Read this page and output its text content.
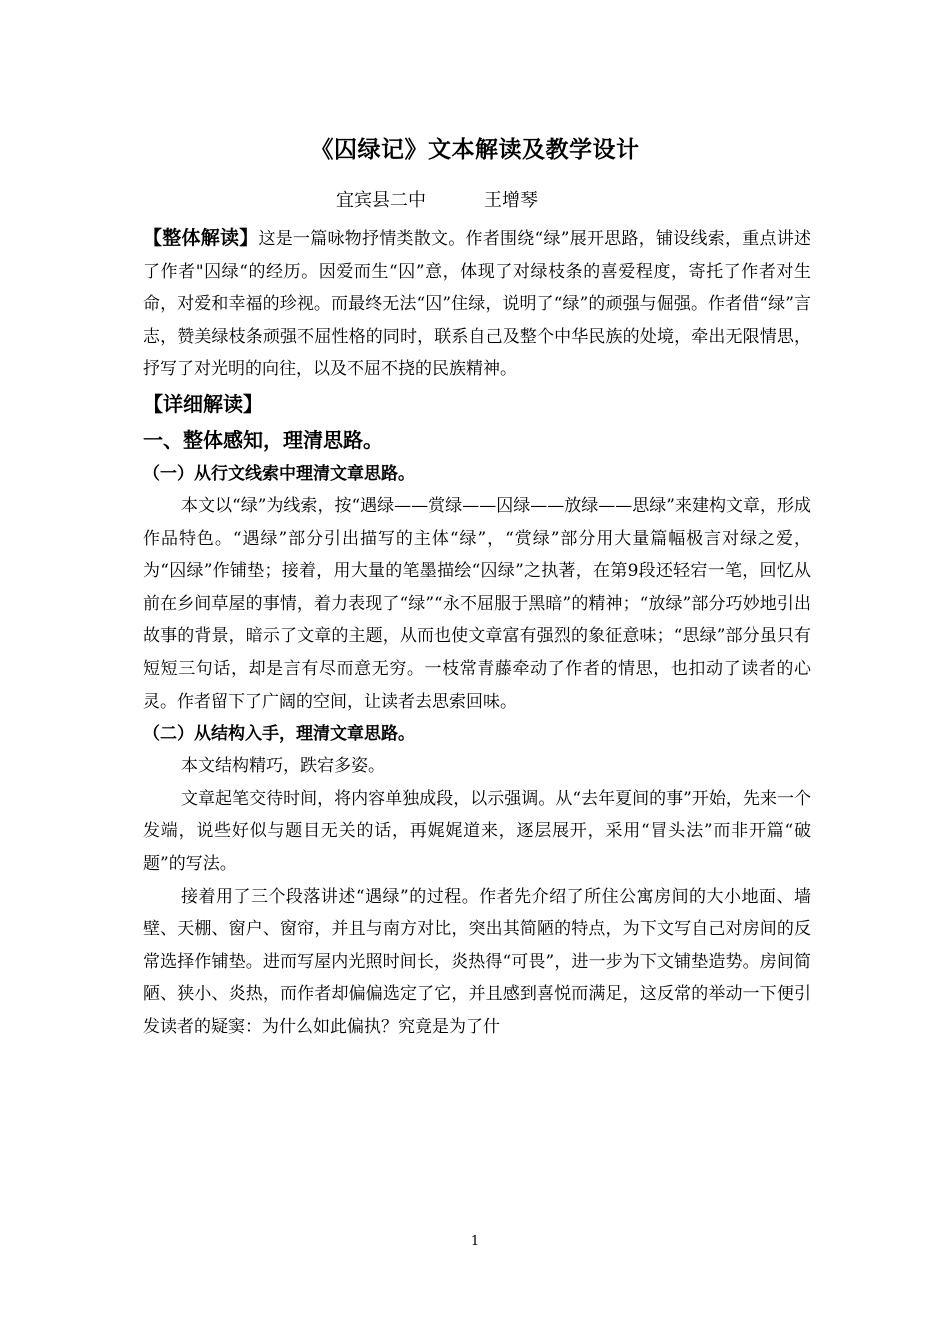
《囚绿记》文本解读及教学设计
宜宾县二中	王增琴

【整体解读】这是一篇咏物抒情类散文。作者围绕“绿”展开思路，铺设线索，重点讲述了作者"囚绿“的经历。因爱而生“囚”意，体现了对绿枝条的喜爱程度，寄托了作者对生命，对爱和幸福的珍视。而最终无法“囚”住绿，说明了“绿”的顽强与倔强。作者借“绿”言志，赞美绿枝条顽强不屈性格的同时，联系自己及整个中华民族的处境，牵出无限情思，抒写了对光明的向往，以及不屈不挠的民族精神。

【详细解读】

一、整体感知，理清思路。

（一）从行文线索中理清文章思路。

本文以“绿”为线索，按“遇绿——赏绿——囚绿——放绿——思绿”来建构文章，形成作品特色。“遇绿”部分引出描写的主体“绿”，“赏绿”部分用大量篇幅极言对绿之爱，为“囚绿”作铺垫；接着，用大量的笔墨描绘“囚绿”之执著，在第9段还轻宕一笔，回忆从前在乡间草屋的事情，着力表现了“绿”“永不屈服于黑暗”的精神；“放绿”部分巧妙地引出故事的背景，暗示了文章的主题，从而也使文章富有强烈的象征意味；“思绿”部分虽只有短短三句话，却是言有尽而意无穷。一枝常青藤牵动了作者的情思，也扣动了读者的心灵。作者留下了广阔的空间，让读者去思索回味。

（二）从结构入手，理清文章思路。

本文结构精巧，跌宕多姿。

文章起笔交待时间，将内容单独成段，以示强调。从“去年夏间的事”开始，先来一个发端，说些好似与题目无关的话，再娓娓道来，逐层展开，采用“冒头法”而非开篇“破题”的写法。

接着用了三个段落讲述“遇绿”的过程。作者先介绍了所住公寓房间的大小地面、墙壁、天棚、窗户、窗帘，并且与南方对比，突出其简陋的特点，为下文写自己对房间的反常选择作铺垫。进而写屋内光照时间长，炎热得“可畏”，进一步为下文铺垫造势。房间简陋、狭小、炎热，而作者却偏偏选定了它，并且感到喜悦而满足，这反常的举动一下便引发读者的疑窦：为什么如此偏执？究竟是为了什

1
